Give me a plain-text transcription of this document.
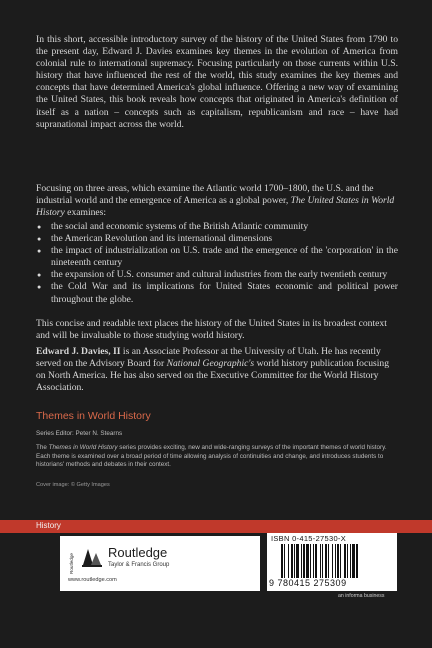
In this short, accessible introductory survey of the history of the United States from 1790 to the present day, Edward J. Davies examines key themes in the evolution of America from colonial rule to international supremacy. Focusing particularly on those currents within U.S. history that have influenced the rest of the world, this study examines the key themes and concepts that have determined America's global influence. Offering a new way of examining the United States, this book reveals how concepts that originated in America's definition of itself as a nation – concepts such as capitalism, republicanism and race – have had supranational impact across the world.

Focusing on three areas, which examine the Atlantic world 1700–1800, the U.S. and the industrial world and the emergence of America as a global power, The United States in World History examines:

● the social and economic systems of the British Atlantic community
● the American Revolution and its international dimensions
● the impact of industrialization on U.S. trade and the emergence of the 'corporation' in the nineteenth century
● the expansion of U.S. consumer and cultural industries from the early twentieth century
● the Cold War and its implications for United States economic and political power throughout the globe.

This concise and readable text places the history of the United States in its broadest context and will be invaluable to those studying world history.

Edward J. Davies, II is an Associate Professor at the University of Utah. He has recently served on the Advisory Board for National Geographic's world history publication focusing on North America. He has also served on the Executive Committee for the World History Association.

Themes in World History

Series Editor: Peter N. Stearns

The Themes in World History series provides exciting, new and wide-ranging surveys of the important themes of world history. Each theme is examined over a broad period of time allowing analysis of continuities and change, and introduces students to historians' methods and debates in their context.

Cover image: © Getty Images

History
Routledge
Routledge
Taylor & Francis Group
www.routledge.com
ISBN 0-415-27530-X
9 780415 275309
an informa business
